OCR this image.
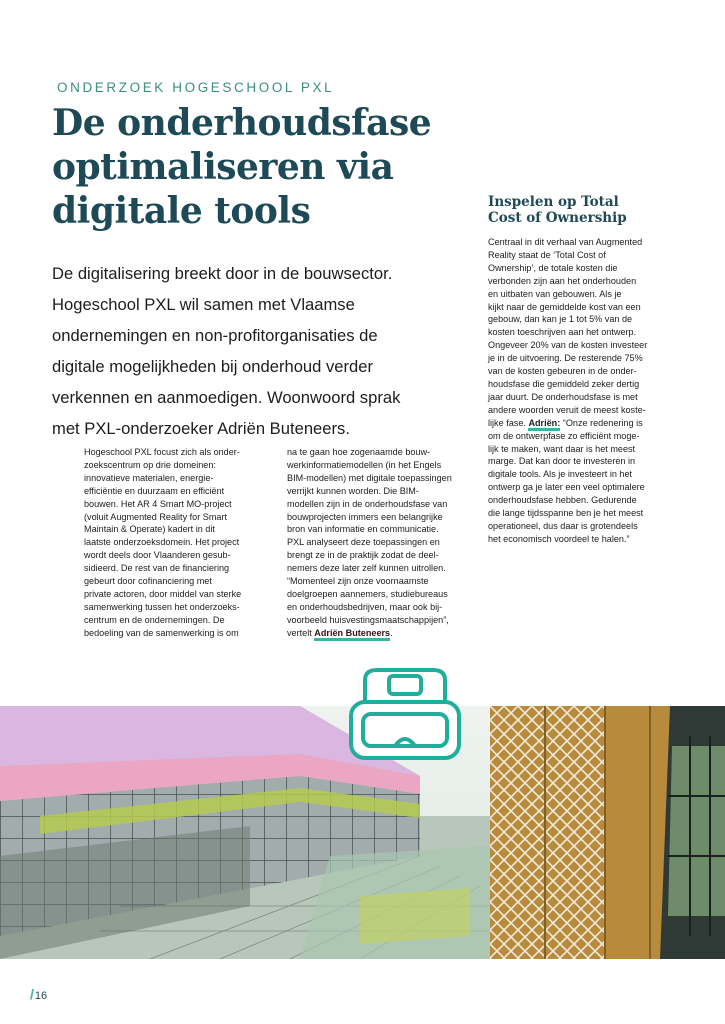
ONDERZOEK HOGESCHOOL PXL
De onderhoudsfase optimaliseren via digitale tools

De digitalisering breekt door in de bouwsector. Hogeschool PXL wil samen met Vlaamse ondernemingen en non-profitorganisaties de digitale mogelijkheden bij onderhoud verder verkennen en aanmoedigen. Woonwoord sprak met PXL-onderzoeker Adriën Buteneers.

Hogeschool PXL focust zich als onder-
zoekscentrum op drie domeinen:
innovatieve materialen, energie-
efficiëntie en duurzaam en efficiënt
bouwen. Het AR 4 Smart MO-project
(voluit Augmented Reality for Smart
Maintain & Operate) kadert in dit
laatste onderzoeksdomein. Het project
wordt deels door Vlaanderen gesub-
sidieerd. De rest van de financiering
gebeurt door cofinanciering met
private actoren, door middel van sterke
samenwerking tussen het onderzoeks-
centrum en de ondernemingen. De
bedoeling van de samenwerking is om

na te gaan hoe zogenaamde bouw-
werkinformatiemodellen (in het Engels
BIM-modellen) met digitale toepassingen
verrijkt kunnen worden. Die BIM-
modellen zijn in de onderhoudsfase van
bouwprojecten immers een belangrijke
bron van informatie en communicatie.
PXL analyseert deze toepassingen en
brengt ze in de praktijk zodat de deel-
nemers deze later zelf kunnen uitrollen.
“Momenteel zijn onze voornaamste
doelgroepen aannemers, studiebureaus
en onderhoudsbedrijven, maar ook bij-
voorbeeld huisvestingsmaatschappijen”,
vertelt Adriën Buteneers.

Inspelen op Total
Cost of Ownership

Centraal in dit verhaal van Augmented
Reality staat de ‘Total Cost of
Ownership’, de totale kosten die
verbonden zijn aan het onderhouden
en uitbaten van gebouwen. Als je
kijkt naar de gemiddelde kost van een
gebouw, dan kan je 1 tot 5% van de
kosten toeschrijven aan het ontwerp.
Ongeveer 20% van de kosten investeer
je in de uitvoering. De resterende 75%
van de kosten gebeuren in de onder-
houdsfase die gemiddeld zeker dertig
jaar duurt. De onderhoudsfase is met
andere woorden veruit de meest koste-
lijke fase. Adriën: “Onze redenering is
om de ontwerpfase zo efficiënt moge-
lijk te maken, want daar is het meest
marge. Dat kan door te investeren in
digitale tools. Als je investeert in het
ontwerp ga je later een veel optimalere
onderhoudsfase hebben. Gedurende
die lange tijdsspanne ben je het meest
operationeel, dus daar is grotendeels
het economisch voordeel te halen.”

/16
